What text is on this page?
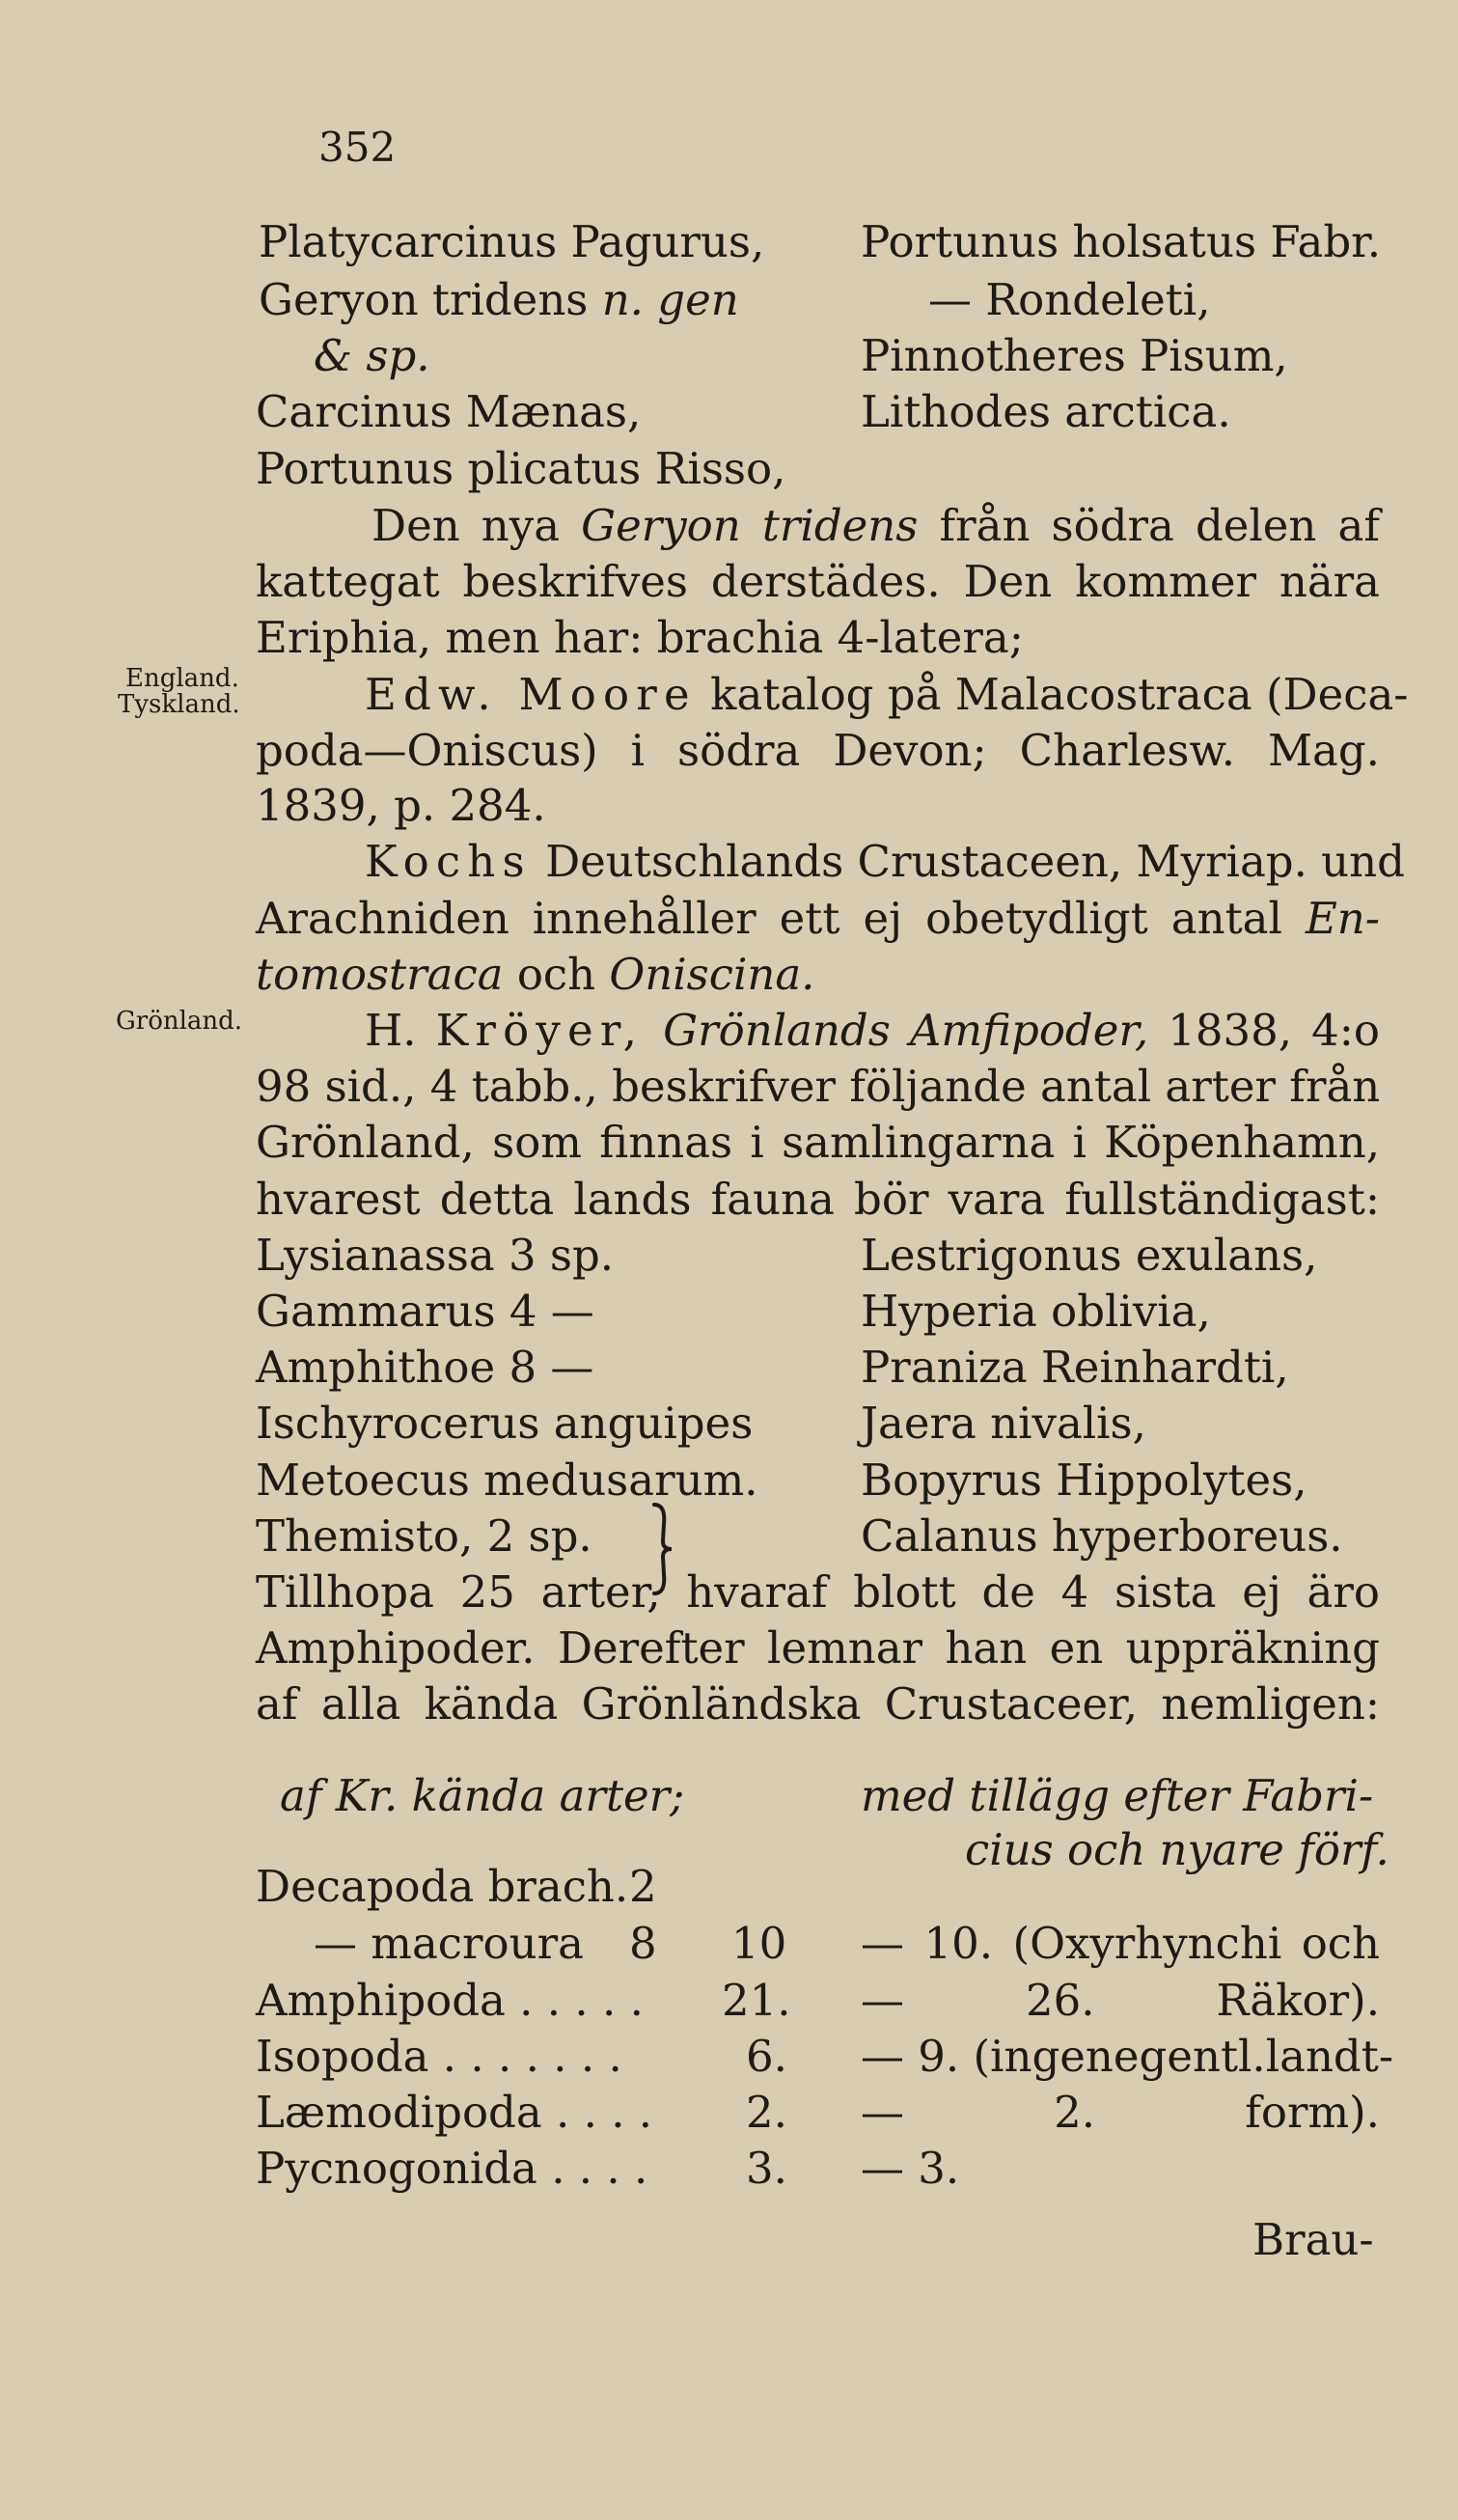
352
Platycarcinus Pagurus,
Geryon tridens n. gen
& sp.
Carcinus Mænas,
Portunus plicatus Risso,
Portunus holsatus Fabr.
— Rondeleti,
Pinnotheres Pisum,
Lithodes arctica.
Den nya Geryon tridens från södra delen af
kattegat beskrifves derstädes. Den kommer nära
Eriphia, men har: brachia 4-latera;
England.
Tyskland.
Grönland.
Edw. Moore katalog på Malacostraca (Deca-
poda—Oniscus) i södra Devon; Charlesw. Mag.
1839, p. 284.
Kochs Deutschlands Crustaceen, Myriap. und
Arachniden innehåller ett ej obetydligt antal En-
tomostraca och Oniscina.
H. Kröyer, Grönlands Amfipoder, 1838, 4:o
98 sid., 4 tabb., beskrifver följande antal arter från
Grönland, som finnas i samlingarna i Köpenhamn,
hvarest detta lands fauna bör vara fullständigast:
Lysianassa 3 sp.
Gammarus 4 —
Amphithoe 8 —
Ischyrocerus anguipes
Metoecus medusarum.
Themisto, 2 sp.
Lestrigonus exulans,
Hyperia oblivia,
Praniza Reinhardti,
Jaera nivalis,
Bopyrus Hippolytes,
Calanus hyperboreus.
Tillhopa 25 arter, hvaraf blott de 4 sista ej äro
Amphipoder. Derefter lemnar han en uppräkning
af alla kända Grönländska Crustaceer, nemligen:
af Kr. kända arter;	med tillägg efter Fabri-
cius och nyare förf.
Decapoda brach. 2
— macroura 8 10 — 10. (Oxyrhynchi och
Amphipoda . . . . . 21. — 26. Räkor).
Isopoda . . . . . . .	6. — 9. (ingenegentl.landt-
Læmodipoda . . . . 2. — 2. form).
Pycnogonida . . . . 3. — 3.
Brau-
